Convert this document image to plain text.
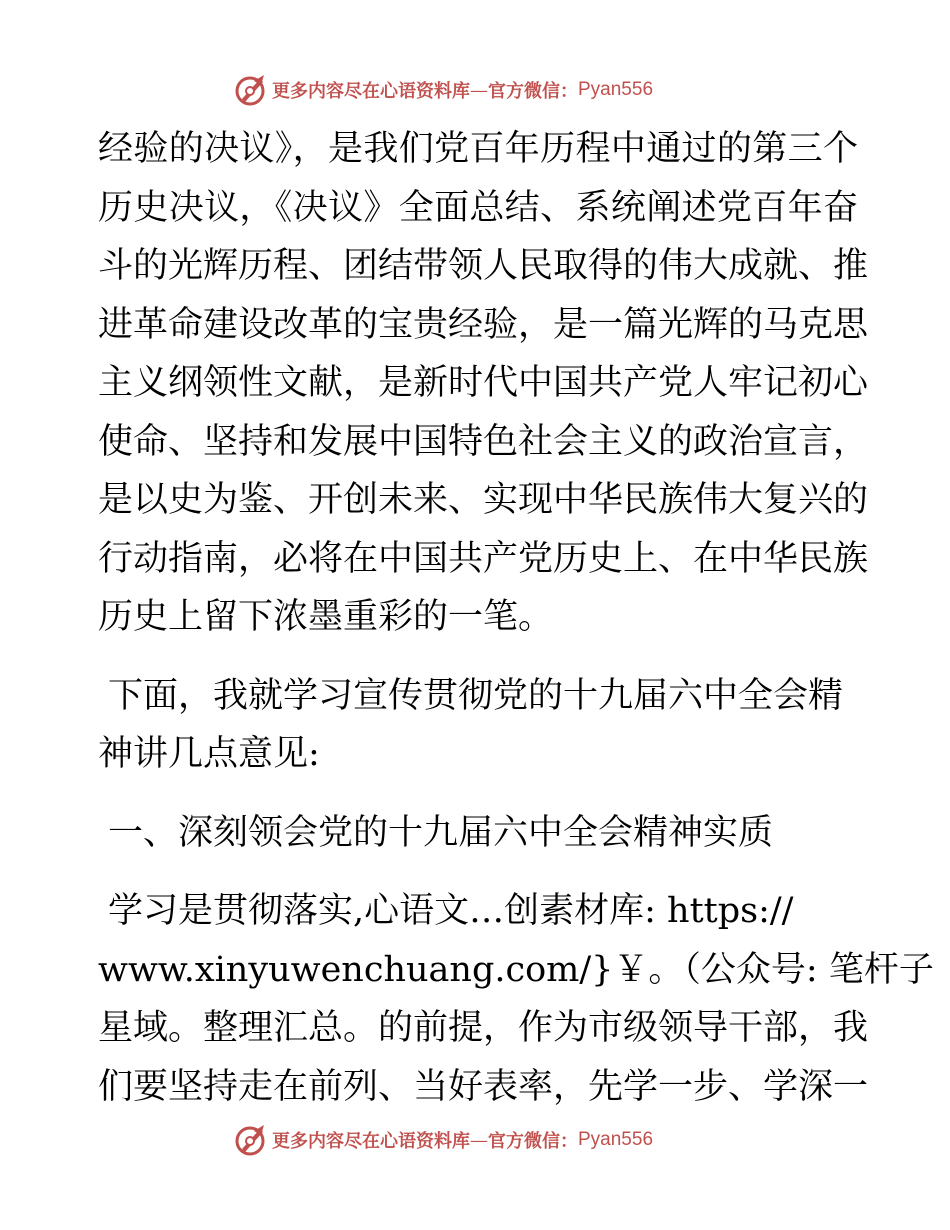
更多内容尽在心语资料库 — 官方微信： Pyan556
经验的决议》，是我们党百年历程中通过的第三个
历史决议，《决议》全面总结、系统阐述党百年奋
斗的光辉历程、团结带领人民取得的伟大成就、推
进革命建设改革的宝贵经验，是一篇光辉的马克思
主义纲领性文献，是新时代中国共产党人牢记初心
使命、坚持和发展中国特色社会主义的政治宣言，
是以史为鉴、开创未来、实现中华民族伟大复兴的
行动指南，必将在中国共产党历史上、在中华民族
历史上留下浓墨重彩的一笔。
下面，我就学习宣传贯彻党的十九届六中全会精
神讲几点意见:
一、深刻领会党的十九届六中全会精神实质
学习是贯彻落实,心语文…创素材库: https://
www.xinyuwenchuang.com/}￥。（公众号: 笔杆子
星域。整理汇总。的前提，作为市级领导干部，我
们要坚持走在前列、当好表率，先学一步、学深一
更多内容尽在心语资料库 — 官方微信： Pyan556
